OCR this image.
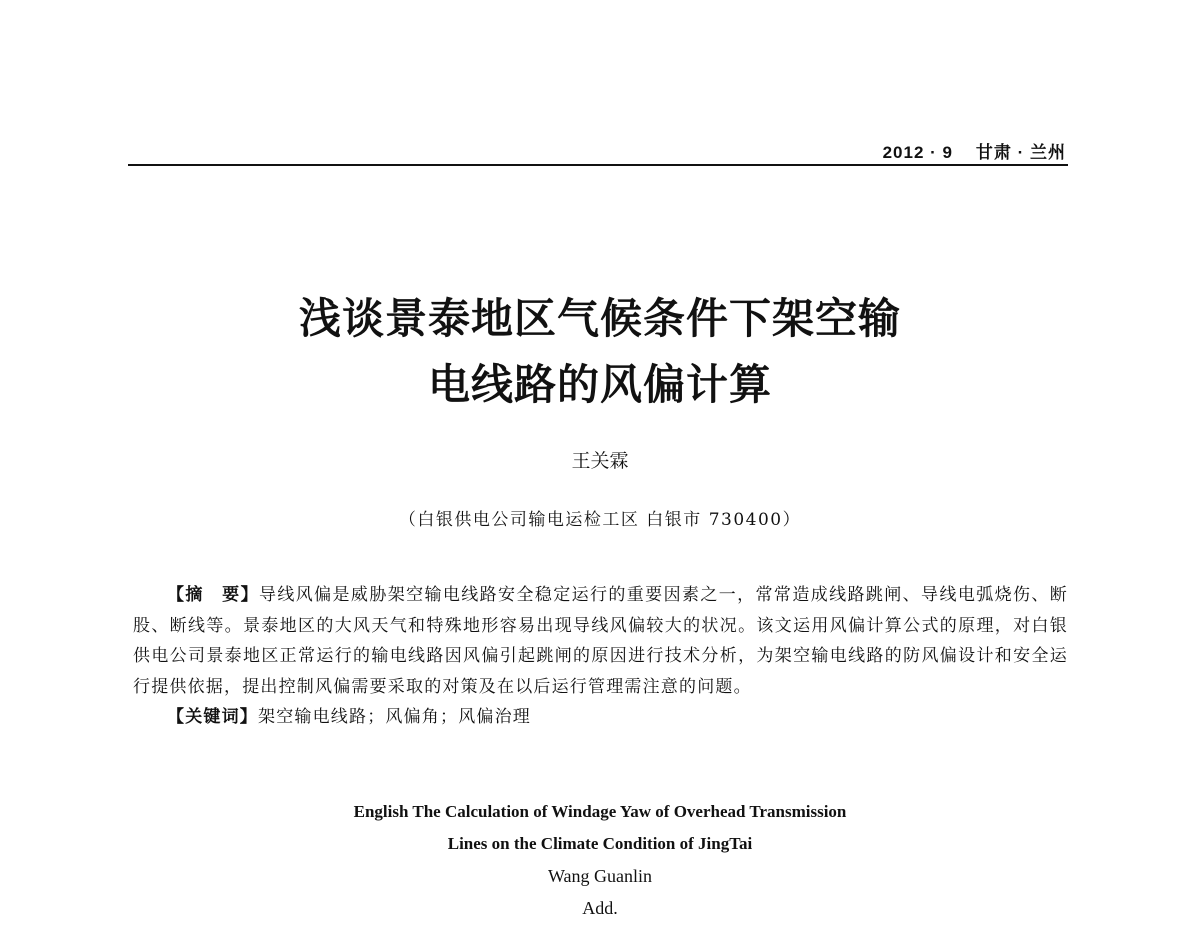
2012 · 9 甘肃 · 兰州
浅谈景泰地区气候条件下架空输
电线路的风偏计算
王关霖
（白银供电公司输电运检工区 白银市 730400）

【摘　要】导线风偏是威胁架空输电线路安全稳定运行的重要因素之一，常常造成线路跳闸、导线电弧烧伤、断股、断线等。景泰地区的大风天气和特殊地形容易出现导线风偏较大的状况。该文运用风偏计算公式的原理，对白银供电公司景泰地区正常运行的输电线路因风偏引起跳闸的原因进行技术分析，为架空输电线路的防风偏设计和安全运行提供依据，提出控制风偏需要采取的对策及在以后运行管理需注意的问题。

【关键词】架空输电线路；风偏角；风偏治理

English The Calculation of Windage Yaw of Overhead Transmission
Lines on the Climate Condition of JingTai
Wang Guanlin
Add.
